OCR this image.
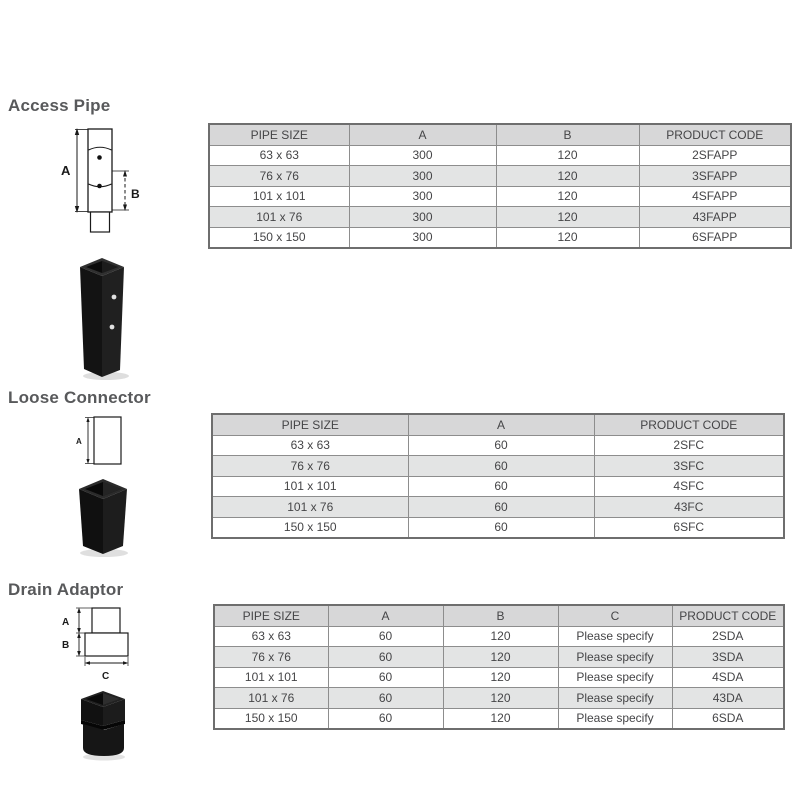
Access Pipe
A
B
PIPE SIZE	A	B	PRODUCT CODE
63 x 63	300	120	2SFAPP
76 x 76	300	120	3SFAPP
101 x 101	300	120	4SFAPP
101 x 76	300	120	43FAPP
150 x 150	300	120	6SFAPP
Loose Connector
A
PIPE SIZE	A	PRODUCT CODE
63 x 63	60	2SFC
76 x 76	60	3SFC
101 x 101	60	4SFC
101 x 76	60	43FC
150 x 150	60	6SFC
Drain Adaptor
A
B
C
PIPE SIZE	A	B	C	PRODUCT CODE
63 x 63	60	120	Please specify	2SDA
76 x 76	60	120	Please specify	3SDA
101 x 101	60	120	Please specify	4SDA
101 x 76	60	120	Please specify	43DA
150 x 150	60	120	Please specify	6SDA
